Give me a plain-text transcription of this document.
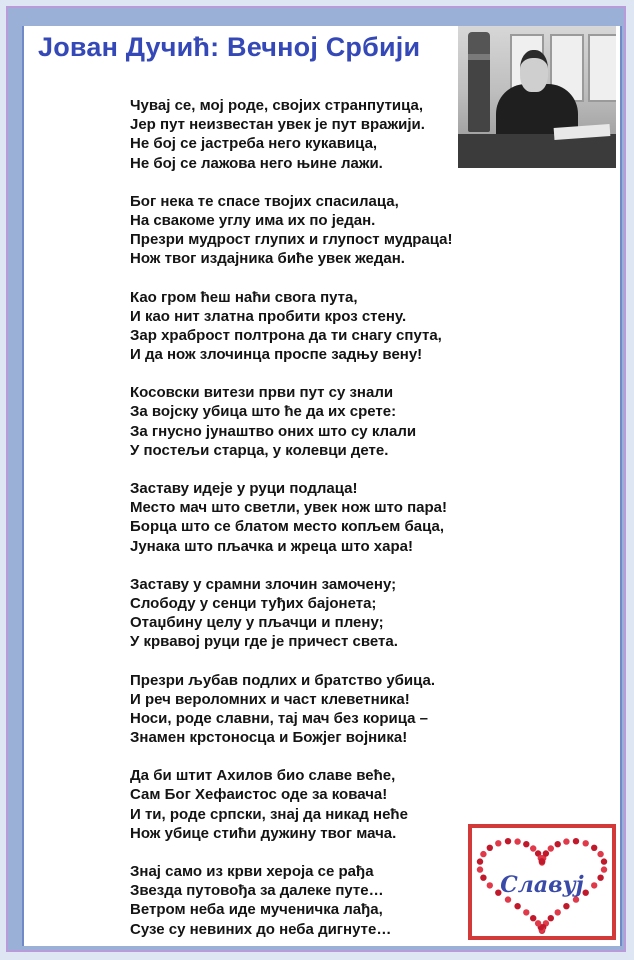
Јован Дучић: Вечној Србији
Чувај се, мој роде, својих странпутица,
Јер пут неизвестан увек је пут вражији.
Не бој се јастреба него кукавица,
Не бој се лажова него њине лажи.
Бог нека те спасе твојих спасилаца,
На свакоме углу има их по један.
Презри мудрост глупих и глупост мудраца!
Нож твог издајника биће увек жедан.
Као гром ћеш наћи свога пута,
И као нит златна пробити кроз стену.
Зар храброст полтрона да ти снагу спута,
И да нож злочинца проспе задњу вену!
Косовски витези први пут су знали
За војску убица што ће да их срете:
За гнусно јунаштво оних што су клали
У постељи старца, у колевци дете.
Заставу идеје у руци подлаца!
Место мач што светли, увек нож што пара!
Борца што се блатом место копљем баца,
Јунака што пљачка и жреца што хара!
Заставу у срамни злочин замочену;
Слободу у сенци туђих бајонета;
Отаџбину целу у пљачци и плену;
У крвавој руци где је причест света.
Презри љубав подлих и братство убица.
И реч вероломних и част клеветника!
Носи, роде славни, тај мач без корица –
Знамен крстоносца и Божјег војника!
Да би штит Ахилов био славе веће,
Сам Бог Хефаистос оде за ковача!
И ти, роде српски, знај да никад неће
Нож убице стићи дужину твог мача.
Знај само из крви хероја се рађа
Звезда путовођа за далеке путе…
Ветром неба иде мученичка лађа,
Сузе су невиних до неба дигнуте…
Славуј
